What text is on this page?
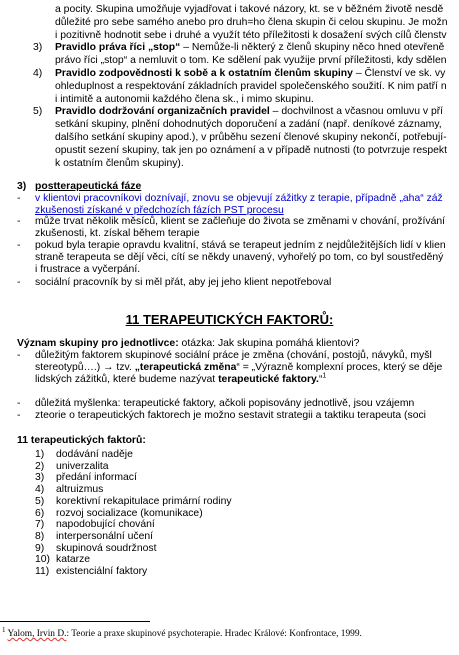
a pocity. Skupina umožňuje vyjadřovat i takové názory, kt. se v běžném životě nesdě
důležité pro sebe samého anebo pro druh=ho člena skupin či celou skupinu. Je možn
i pozitivně hodnotit sebe i druhé a využít této příležitosti k dosažení svých cílů členstv
3) Pravidlo práva říci „stop“ – Nemůže-li některý z členů skupiny něco hned otevřeně
právo říci „stop“ a nemluvit o tom. Ke sdělení pak využije první příležitosti, kdy sdělen
4) Pravidlo zodpovědnosti k sobě a k ostatním členům skupiny – Členství ve sk. vy
ohleduplnost a respektování základních pravidel společenského soužití. K nim patří n
i intimitě a autonomii každého člena sk., i mimo skupinu.
5) Pravidlo dodržování organizačních pravidel – dochvilnost a včasnou omluvu v pří
setkání skupiny, plnění dohodnutých doporučení a zadání (např. deníkové záznamy,
dalšího setkání skupiny apod.), v průběhu sezení členové skupiny nekončí, potřebují-
opustit sezení skupiny, tak jen po oznámení a v případě nutnosti (to potvrzuje respekt
k ostatním členům skupiny).
3) postterapeutická fáze
- v klientovi pracovníkovi doznívají, znovu se objevují zážitky z terapie, případně „aha“ záž
zkušenosti získané v předchozích fázích PST procesu
- může trvat několik měsíců, klient se začleňuje do života se změnami v chování, prožívání
zkušenosti, kt. získal během terapie
- pokud byla terapie opravdu kvalitní, stává se terapeut jedním z nejdůležitějších lidí v klien
straně terapeuta se dějí věci, cítí se někdy unavený, vyhořelý po tom, co byl soustředěný
i frustrace a vyčerpání.
- sociální pracovník by si měl přát, aby jej jeho klient nepotřeboval
11 TERAPEUTICKÝCH FAKTORŮ:
Význam skupiny pro jednotlivce: otázka: Jak skupina pomáhá klientovi?
- důležitým faktorem skupinové sociální práce je změna (chování, postojů, návyků, myšl
stereotypů….) → tzv. „terapeutická změna“ = „Výrazně komplexní proces, který se děje
lidských zážitků, které budeme nazývat terapeutické faktory.“$^1$
- důležitá myšlenka: terapeutické faktory, ačkoli popisovány jednotlivě, jsou vzájemn
- zteorie o terapeutických faktorech je možno sestavit strategii a taktiku terapeuta (soci
11 terapeutických faktorů:
1) dodávání naděje
2) univerzalita
3) předání informací
4) altruizmus
5) korektivní rekapitulace primární rodiny
6) rozvoj socializace (komunikace)
7) napodobující chování
8) interpersonální učení
9) skupinová soudržnost
10) katarze
11) existenciální faktory
$^1$ Yalom, Irvin D.: Teorie a praxe skupinové psychoterapie. Hradec Králové: Konfrontace, 1999.
